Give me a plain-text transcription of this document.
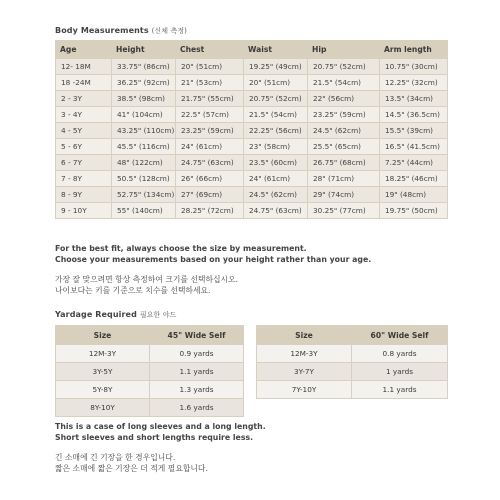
Body Measurements (신체 측정)
Age	Height	Chest	Waist	Hip	Arm length
12- 18M	33.75" (86cm)	20" (51cm)	19.25" (49cm)	20.75" (52cm)	10.75" (30cm)
18 -24M	36.25" (92cm)	21" (53cm)	20" (51cm)	21.5" (54cm)	12.25" (32cm)
2 - 3Y	38.5" (98cm)	21.75" (55cm)	20.75" (52cm)	22" (56cm)	13.5" (34cm)
3 - 4Y	41" (104cm)	22.5" (57cm)	21.5" (54cm)	23.25" (59cm)	14.5" (36.5cm)
4 - 5Y	43.25" (110cm)	23.25" (59cm)	22.25" (56cm)	24.5" (62cm)	15.5" (39cm)
5 - 6Y	45.5" (116cm)	24" (61cm)	23" (58cm)	25.5" (65cm)	16.5" (41.5cm)
6 - 7Y	48" (122cm)	24.75" (63cm)	23.5" (60cm)	26.75" (68cm)	7.25" (44cm)
7 - 8Y	50.5" (128cm)	26" (66cm)	24" (61cm)	28" (71cm)	18.25" (46cm)
8 - 9Y	52.75" (134cm)	27" (69cm)	24.5" (62cm)	29" (74cm)	19" (48cm)
9 - 10Y	55" (140cm)	28.25" (72cm)	24.75" (63cm)	30.25" (77cm)	19.75" (50cm)
For the best fit, always choose the size by measurement.
Choose your measurements based on your height rather than your age.
가장 잘 맞으려면 항상 측정하여 크기를 선택하십시오.
나이보다는 키를 기준으로 치수를 선택하세요.
Yardage Required 필요한 야드
Size	45" Wide Self
12M-3Y	0.9 yards
3Y-5Y	1.1 yards
5Y-8Y	1.3 yards
8Y-10Y	1.6 yards
Size	60" Wide Self
12M-3Y	0.8 yards
3Y-7Y	1 yards
7Y-10Y	1.1 yards
This is a case of long sleeves and a long length.
Short sleeves and short lengths require less.
긴 소매에 긴 기장을 한 경우입니다.
짧은 소매에 짧은 기장은 더 적게 필요합니다.
